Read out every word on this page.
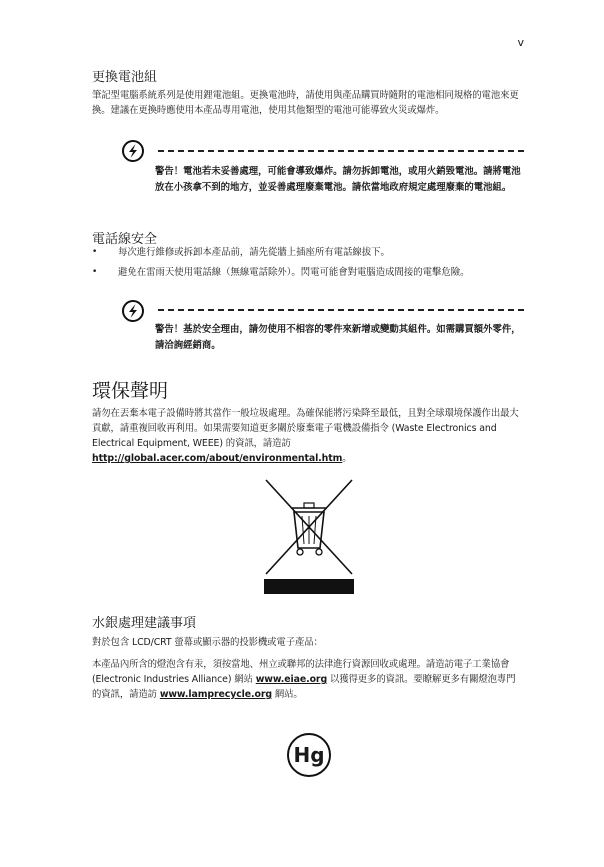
v
更換電池組
筆記型電腦系統系列是使用鋰電池組。更換電池時，請使用與產品購買時隨附的電池相同規格的電池來更換。建議在更換時應使用本產品專用電池，使用其他類型的電池可能導致火災或爆炸。
警告！電池若未妥善處理，可能會導致爆炸。請勿拆卸電池，或用火銷毀電池。請將電池放在小孩拿不到的地方，並妥善處理廢棄電池。請依當地政府規定處理廢棄的電池組。
電話線安全
• 每次進行維修或拆卸本產品前，請先從牆上插座所有電話線拔下。
• 避免在雷雨天使用電話線（無線電話除外）。閃電可能會對電腦造成間接的電擊危險。
警告！基於安全理由，請勿使用不相容的零件來新增或變動其組件。如需購買額外零件，請洽詢經銷商。
環保聲明
請勿在丟棄本電子設備時將其當作一般垃圾處理。為確保能將污染降至最低，且對全球環境保護作出最大貢獻，請重複回收再利用。如果需要知道更多關於廢棄電子電機設備指令 (Waste Electronics and Electrical Equipment, WEEE) 的資訊，請造訪 http://global.acer.com/about/environmental.htm。
水銀處理建議事項
對於包含 LCD/CRT 螢幕或顯示器的投影機或電子產品：
本產品內所含的燈泡含有汞，須按當地、州立或聯邦的法律進行資源回收或處理。請造訪電子工業協會 (Electronic Industries Alliance) 網站 www.eiae.org 以獲得更多的資訊。要瞭解更多有關燈泡專門的資訊，請造訪 www.lamprecycle.org 網站。
Hg
